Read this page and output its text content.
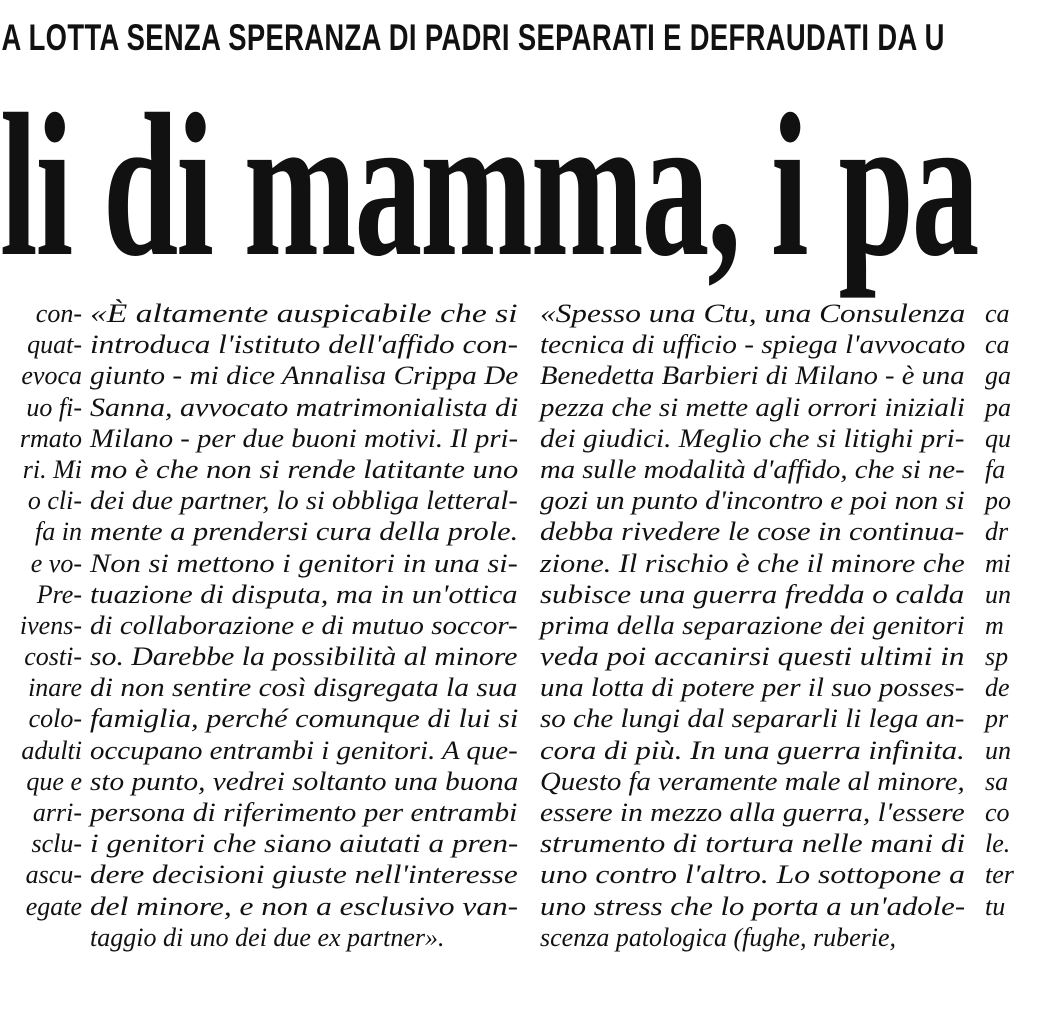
A LOTTA SENZA SPERANZA DI PADRI SEPARATI E DEFRAUDATI DA U
li di mamma, i pa
con-
quat-
evoca
uo fi-
rmato
ri. Mi
o cli-
fa in
e vo-
Pre-
ivens-
costi-
inare
colo-
adulti
que e
arri-
sclu-
ascu-
egate
«È altamente auspicabile che si
introduca l'istituto dell'affido con-
giunto - mi dice Annalisa Crippa De
Sanna, avvocato matrimonialista di
Milano - per due buoni motivi. Il pri-
mo è che non si rende latitante uno
dei due partner, lo si obbliga letteral-
mente a prendersi cura della prole.
Non si mettono i genitori in una si-
tuazione di disputa, ma in un'ottica
di collaborazione e di mutuo soccor-
so. Darebbe la possibilità al minore
di non sentire così disgregata la sua
famiglia, perché comunque di lui si
occupano entrambi i genitori. A que-
sto punto, vedrei soltanto una buona
persona di riferimento per entrambi
i genitori che siano aiutati a pren-
dere decisioni giuste nell'interesse
del minore, e non a esclusivo van-
taggio di uno dei due ex partner».
«Spesso una Ctu, una Consulenza
tecnica di ufficio - spiega l'avvocato
Benedetta Barbieri di Milano - è una
pezza che si mette agli orrori iniziali
dei giudici. Meglio che si litighi pri-
ma sulle modalità d'affido, che si ne-
gozi un punto d'incontro e poi non si
debba rivedere le cose in continua-
zione. Il rischio è che il minore che
subisce una guerra fredda o calda
prima della separazione dei genitori
veda poi accanirsi questi ultimi in
una lotta di potere per il suo posses-
so che lungi dal separarli li lega an-
cora di più. In una guerra infinita.
Questo fa veramente male al minore,
essere in mezzo alla guerra, l'essere
strumento di tortura nelle mani di
uno contro l'altro. Lo sottopone a
uno stress che lo porta a un'adole-
scenza patologica (fughe, ruberie,
ca
ca
ga
pa
qu
fa
po
dr
mi
un
m
sp
de
pr
un
sa
co
le.
ter
tu
